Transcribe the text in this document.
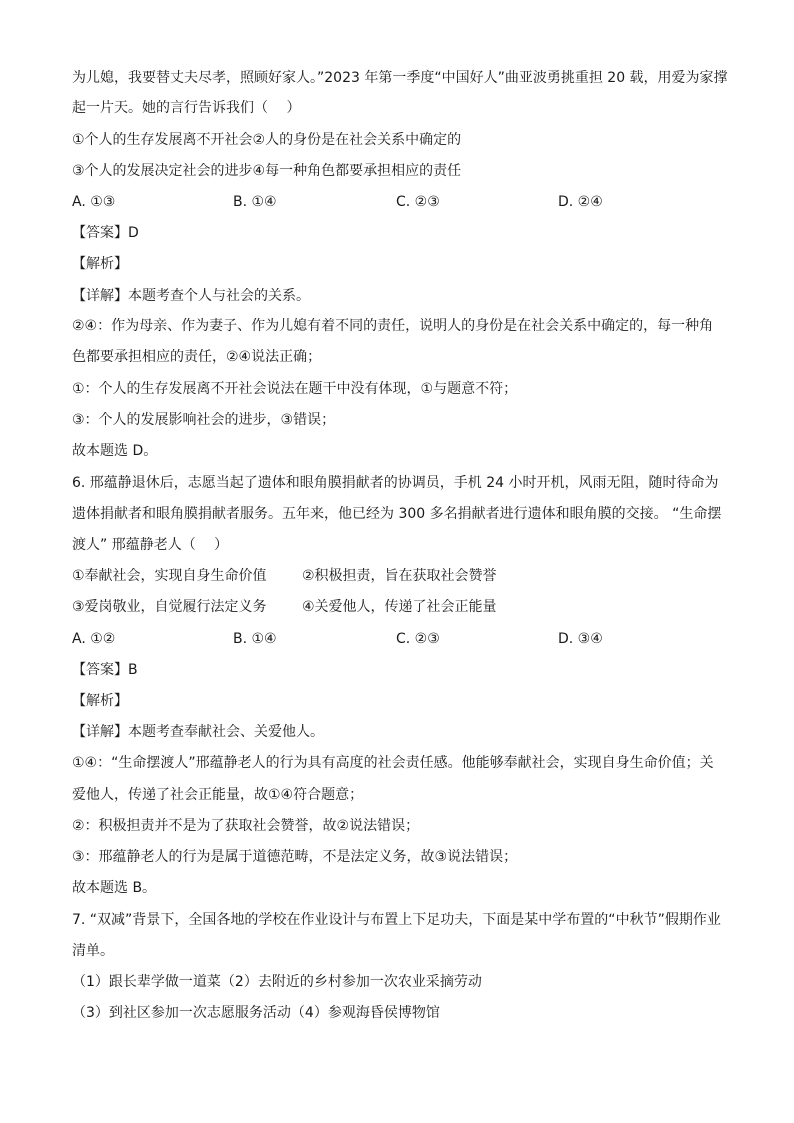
为儿媳，我要替丈夫尽孝，照顾好家人。”2023 年第一季度“中国好人”曲亚波勇挑重担 20 载，用爱为家撑
起一片天。她的言行告诉我们（　 ）
①个人的生存发展离不开社会②人的身份是在社会关系中确定的
③个人的发展决定社会的进步④每一种角色都要承担相应的责任
A. ①③	B. ①④	C. ②③	D. ②④
【答案】D
【解析】
【详解】本题考查个人与社会的关系。
②④：作为母亲、作为妻子、作为儿媳有着不同的责任，说明人的身份是在社会关系中确定的，每一种角
色都要承担相应的责任，②④说法正确；
①：个人的生存发展离不开社会说法在题干中没有体现，①与题意不符；
③：个人的发展影响社会的进步，③错误；
故本题选 D。
6. 邢蕴静退休后，志愿当起了遗体和眼角膜捐献者的协调员，手机 24 小时开机，风雨无阻，随时待命为
遗体捐献者和眼角膜捐献者服务。五年来，他已经为 300 多名捐献者进行遗体和眼角膜的交接。 “生命摆
渡人” 邢蕴静老人（　 ）
①奉献社会，实现自身生命价值	②积极担责，旨在获取社会赞誉
③爱岗敬业，自觉履行法定义务	④关爱他人，传递了社会正能量
A. ①②	B. ①④	C. ②③	D. ③④
【答案】B
【解析】
【详解】本题考查奉献社会、关爱他人。
①④：“生命摆渡人”邢蕴静老人的行为具有高度的社会责任感。他能够奉献社会，实现自身生命价值；关
爱他人，传递了社会正能量，故①④符合题意；
②：积极担责并不是为了获取社会赞誉，故②说法错误；
③：邢蕴静老人的行为是属于道德范畴，不是法定义务，故③说法错误；
故本题选 B。
7. “双减”背景下，全国各地的学校在作业设计与布置上下足功夫，下面是某中学布置的“中秋节”假期作业
清单。
（1）跟长辈学做一道菜（2）去附近的乡村参加一次农业采摘劳动
（3）到社区参加一次志愿服务活动（4）参观海昏侯博物馆
